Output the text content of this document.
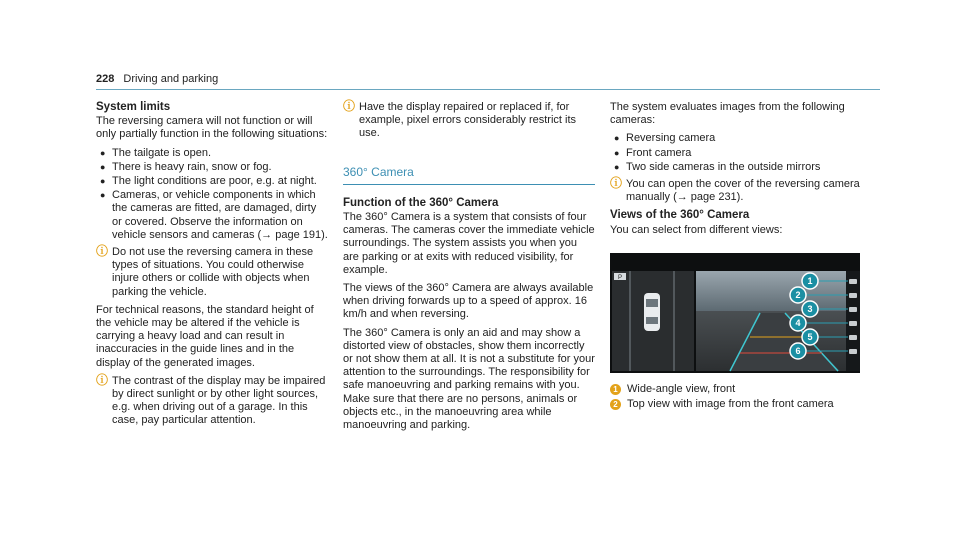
228 Driving and parking
System limits

The reversing camera will not function or will only partially function in the following situations:

● The tailgate is open.
● There is heavy rain, snow or fog.
● The light conditions are poor, e.g. at night.
● Cameras, or vehicle components in which the cameras are fitted, are damaged, dirty or covered. Observe the information on vehicle sensors and cameras (→ page 191).
ⓘ Do not use the reversing camera in these types of situations. You could otherwise injure others or collide with objects when parking the vehicle.

For technical reasons, the standard height of the vehicle may be altered if the vehicle is carrying a heavy load and can result in inaccuracies in the guide lines and in the display of the generated images.

ⓘ The contrast of the display may be impaired by direct sunlight or by other light sources, e.g. when driving out of a garage. In this case, pay particular attention.
ⓘ Have the display repaired or replaced if, for example, pixel errors considerably restrict its use.
360° Camera
Function of the 360° Camera

The 360° Camera is a system that consists of four cameras. The cameras cover the immediate vehicle surroundings. The system assists you when you are parking or at exits with reduced visibility, for example.

The views of the 360° Camera are always available when driving forwards up to a speed of approx. 16 km/h and when reversing.

The 360° Camera is only an aid and may show a distorted view of obstacles, show them incorrectly or not show them at all. It is not a substitute for your attention to the surroundings. The responsibility for safe manoeuvring and parking remains with you. Make sure that there are no persons, animals or objects etc., in the manoeuvring area while manoeuvring and parking.

The system evaluates images from the following cameras:

● Reversing camera
● Front camera
● Two side cameras in the outside mirrors
ⓘ You can open the cover of the reversing camera manually (→ page 231).
Views of the 360° Camera

You can select from different views:

P	1
2
3
4
5
6
1 Wide-angle view, front
2 Top view with image from the front camera
